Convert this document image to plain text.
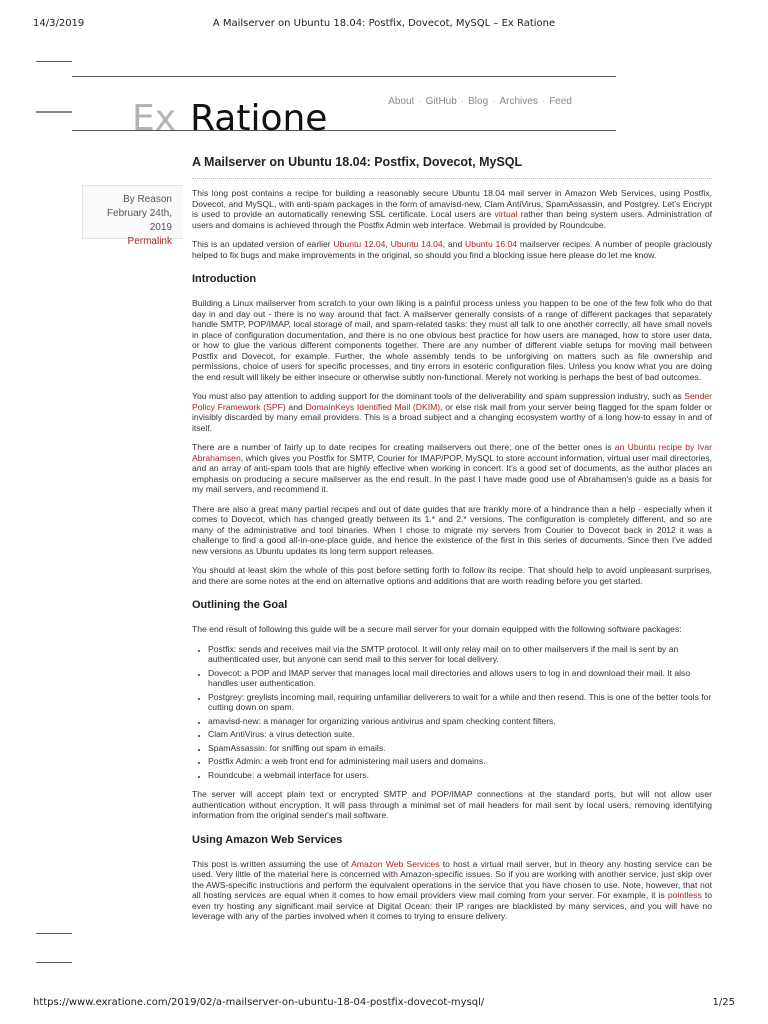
14/3/2019	A Mailserver on Ubuntu 18.04: Postfix, Dovecot, MySQL – Ex Ratione
Ex Ratione	About · GitHub · Blog · Archives · Feed
A Mailserver on Ubuntu 18.04: Postfix, Dovecot, MySQL
By Reason
February 24th, 2019
Permalink

This long post contains a recipe for building a reasonably secure Ubuntu 18.04 mail server in Amazon Web Services, using Postfix, Dovecot, and MySQL, with anti-spam packages in the form of amavisd-new, Clam AntiVirus, SpamAssassin, and Postgrey. Let's Encrypt is used to provide an automatically renewing SSL certificate. Local users are virtual rather than being system users. Administration of users and domains is achieved through the Postfix Admin web interface. Webmail is provided by Roundcube.

This is an updated version of earlier Ubuntu 12.04, Ubuntu 14.04, and Ubuntu 16.04 mailserver recipes. A number of people graciously helped to fix bugs and make improvements in the original, so should you find a blocking issue here please do let me know.

Introduction

Building a Linux mailserver from scratch to your own liking is a painful process unless you happen to be one of the few folk who do that day in and day out - there is no way around that fact. A mailserver generally consists of a range of different packages that separately handle SMTP, POP/IMAP, local storage of mail, and spam-related tasks: they must all talk to one another correctly, all have small novels in place of configuration documentation, and there is no one obvious best practice for how users are managed, how to store user data, or how to glue the various different components together. There are any number of different viable setups for moving mail between Postfix and Dovecot, for example. Further, the whole assembly tends to be unforgiving on matters such as file ownership and permissions, choice of users for specific processes, and tiny errors in esoteric configuration files. Unless you know what you are doing the end result will likely be either insecure or otherwise subtly non-functional. Merely not working is perhaps the best of bad outcomes.

You must also pay attention to adding support for the dominant tools of the deliverability and spam suppression industry, such as Sender Policy Framework (SPF) and DomainKeys Identified Mail (DKIM), or else risk mail from your server being flagged for the spam folder or invisibly discarded by many email providers. This is a broad subject and a changing ecosystem worthy of a long how-to essay in and of itself.

There are a number of fairly up to date recipes for creating mailservers out there; one of the better ones is an Ubuntu recipe by Ivar Abrahamsen, which gives you Postfix for SMTP, Courier for IMAP/POP, MySQL to store account information, virtual user mail directories, and an array of anti-spam tools that are highly effective when working in concert. It's a good set of documents, as the author places an emphasis on producing a secure mailserver as the end result. In the past I have made good use of Abrahamsen's guide as a basis for my mail servers, and recommend it.

There are also a great many partial recipes and out of date guides that are frankly more of a hindrance than a help - especially when it comes to Dovecot, which has changed greatly between its 1.* and 2.* versions. The configuration is completely different, and so are many of the administrative and tool binaries. When I chose to migrate my servers from Courier to Dovecot back in 2012 it was a challenge to find a good all-in-one-place guide, and hence the existence of the first in this series of documents. Since then I've added new versions as Ubuntu updates its long term support releases.

You should at least skim the whole of this post before setting forth to follow its recipe. That should help to avoid unpleasant surprises, and there are some notes at the end on alternative options and additions that are worth reading before you get started.

Outlining the Goal

The end result of following this guide will be a secure mail server for your domain equipped with the following software packages:

• Postfix: sends and receives mail via the SMTP protocol. It will only relay mail on to other mailservers if the mail is sent by an authenticated user, but anyone can send mail to this server for local delivery.
• Dovecot: a POP and IMAP server that manages local mail directories and allows users to log in and download their mail. It also handles user authentication.
• Postgrey: greylists incoming mail, requiring unfamiliar deliverers to wait for a while and then resend. This is one of the better tools for cutting down on spam.
• amavisd-new: a manager for organizing various antivirus and spam checking content filters.
• Clam AntiVirus: a virus detection suite.
• SpamAssassin: for sniffing out spam in emails.
• Postfix Admin: a web front end for administering mail users and domains.
• Roundcube: a webmail interface for users.

The server will accept plain text or encrypted SMTP and POP/IMAP connections at the standard ports, but will not allow user authentication without encryption. It will pass through a minimal set of mail headers for mail sent by local users, removing identifying information from the original sender's mail software.

Using Amazon Web Services

This post is written assuming the use of Amazon Web Services to host a virtual mail server, but in theory any hosting service can be used. Very little of the material here is concerned with Amazon-specific issues. So if you are working with another service, just skip over the AWS-specific instructions and perform the equivalent operations in the service that you have chosen to use. Note, however, that not all hosting services are equal when it comes to how email providers view mail coming from your server. For example, it is pointless to even try hosting any significant mail service at Digital Ocean: their IP ranges are blacklisted by many services, and you will have no leverage with any of the parties involved when it comes to trying to ensure delivery.

https://www.exratione.com/2019/02/a-mailserver-on-ubuntu-18-04-postfix-dovecot-mysql/	1/25
